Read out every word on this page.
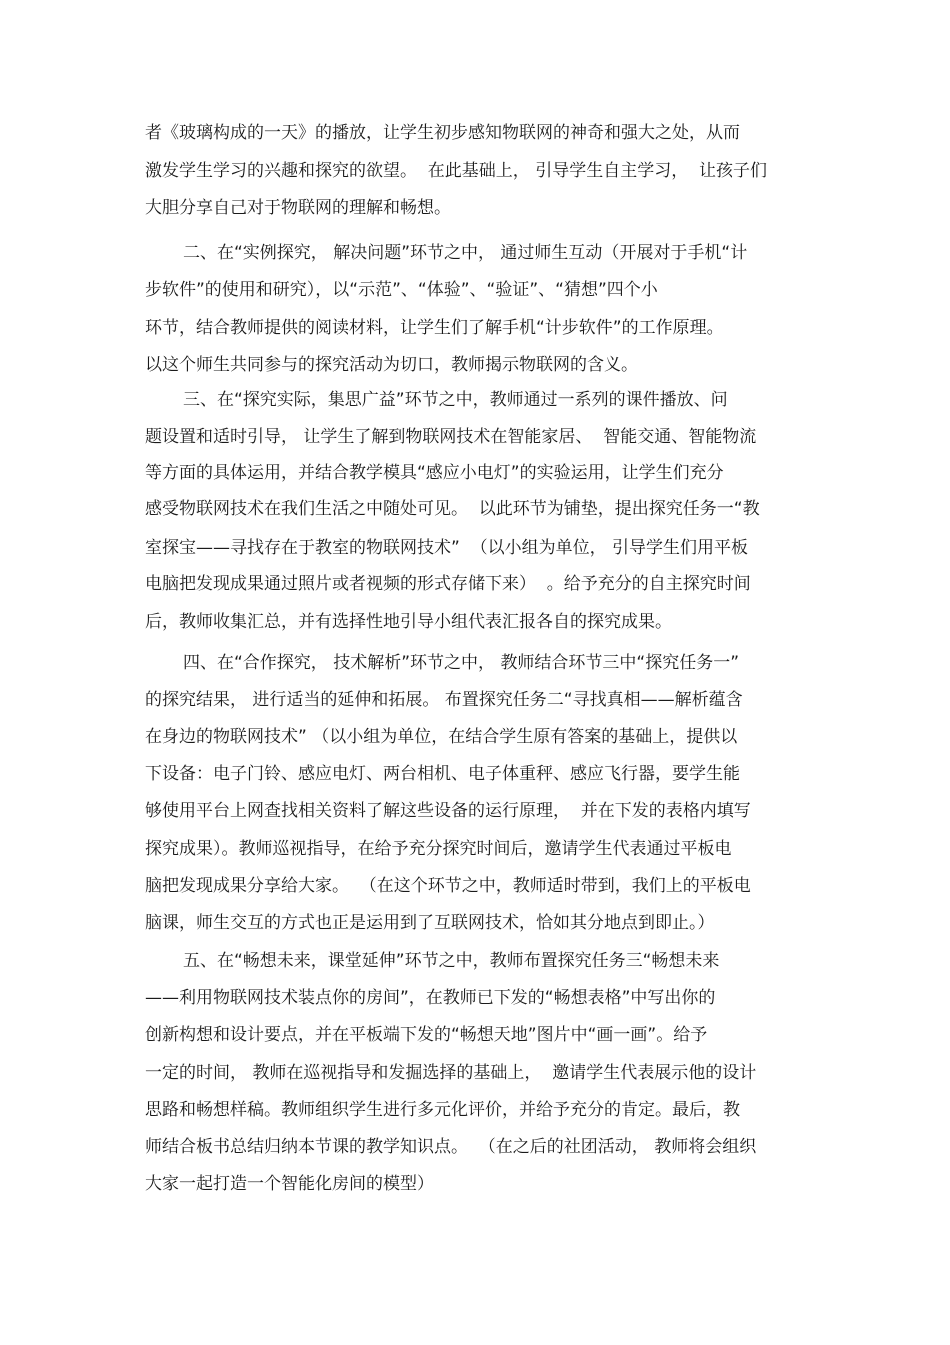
者《玻璃构成的一天》的播放，让学生初步感知物联网的神奇和强大之处，从而
激发学生学习的兴趣和探究的欲望。  在此基础上， 引导学生自主学习，  让孩子们
大胆分享自己对于物联网的理解和畅想。
二、在“实例探究， 解决问题”环节之中， 通过师生互动（开展对于手机“计
步软件”的使用和研究），以“示范”、“体验”、“验证”、“猜想”四个小
环节，结合教师提供的阅读材料，让学生们了解手机“计步软件”的工作原理。
以这个师生共同参与的探究活动为切口，教师揭示物联网的含义。
三、在“探究实际，集思广益”环节之中，教师通过一系列的课件播放、问
题设置和适时引导， 让学生了解到物联网技术在智能家居、  智能交通、智能物流
等方面的具体运用，并结合教学模具“感应小电灯”的实验运用，让学生们充分
感受物联网技术在我们生活之中随处可见。  以此环节为铺垫，提出探究任务一“教
室探宝——寻找存在于教室的物联网技术”  （以小组为单位， 引导学生们用平板
电脑把发现成果通过照片或者视频的形式存储下来）  。给予充分的自主探究时间
后，教师收集汇总，并有选择性地引导小组代表汇报各自的探究成果。
四、在“合作探究， 技术解析”环节之中， 教师结合环节三中“探究任务一”
的探究结果， 进行适当的延伸和拓展。 布置探究任务二“寻找真相——解析蕴含
在身边的物联网技术” （以小组为单位，在结合学生原有答案的基础上，提供以
下设备：电子门铃、感应电灯、两台相机、电子体重秤、感应飞行器，要学生能
够使用平台上网查找相关资料了解这些设备的运行原理，  并在下发的表格内填写
探究成果）。教师巡视指导，在给予充分探究时间后，邀请学生代表通过平板电
脑把发现成果分享给大家。  （在这个环节之中，教师适时带到，我们上的平板电
脑课，师生交互的方式也正是运用到了互联网技术，恰如其分地点到即止。）
五、在“畅想未来，课堂延伸”环节之中，教师布置探究任务三“畅想未来
——利用物联网技术装点你的房间”，在教师已下发的“畅想表格”中写出你的
创新构想和设计要点，并在平板端下发的“畅想天地”图片中“画一画”。给予
一定的时间， 教师在巡视指导和发掘选择的基础上，  邀请学生代表展示他的设计
思路和畅想样稿。教师组织学生进行多元化评价，并给予充分的肯定。最后，教
师结合板书总结归纳本节课的教学知识点。  （在之后的社团活动， 教师将会组织
大家一起打造一个智能化房间的模型）
